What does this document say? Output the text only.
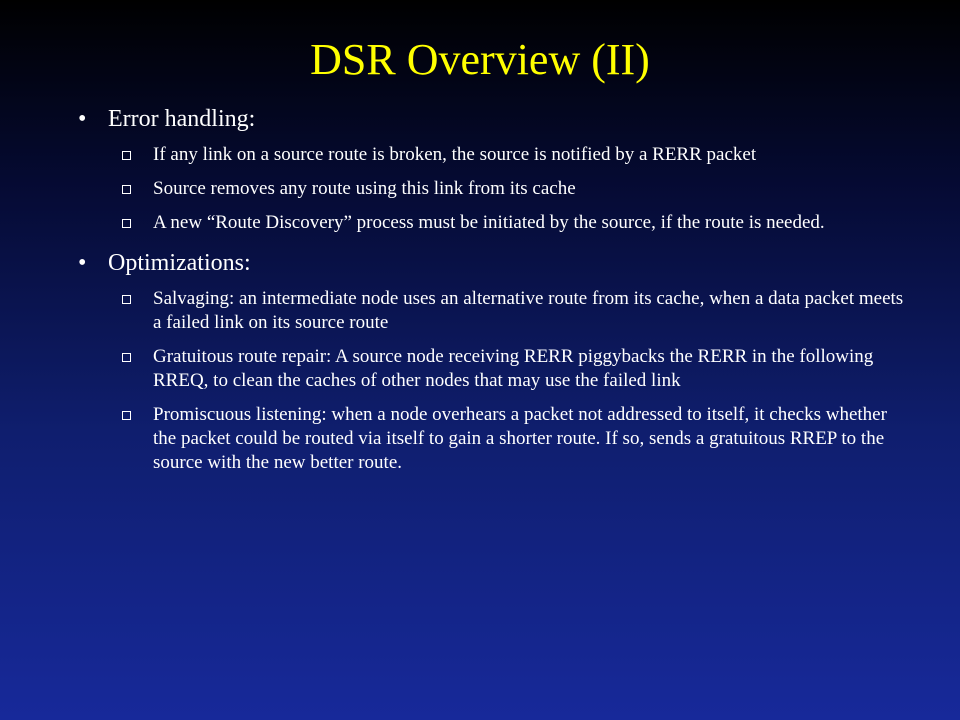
DSR Overview (II)
• Error handling:
If any link on a source route is broken, the source is notified by a RERR packet
Source removes any route using this link from its cache
A new “Route Discovery” process must be initiated by the source, if the route is needed.
• Optimizations:
Salvaging: an intermediate node uses an alternative route from its cache, when a data packet meets a failed link on its source route
Gratuitous route repair: A source node receiving RERR piggybacks the RERR in the following RREQ, to clean the caches of other nodes that may use the failed link
Promiscuous listening: when a node overhears a packet not addressed to itself, it checks whether the packet could be routed via itself to gain a shorter route. If so, sends a gratuitous RREP to the source with the new better route.
